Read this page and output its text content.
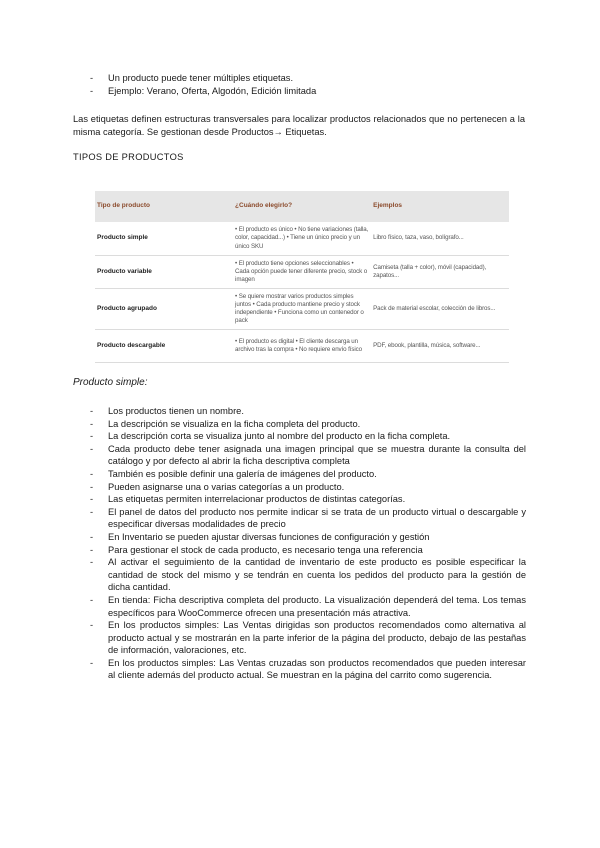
- Un producto puede tener múltiples etiquetas.
- Ejemplo: Verano, Oferta, Algodón, Edición limitada

Las etiquetas definen estructuras transversales para localizar productos relacionados que no pertenecen a la misma categoría. Se gestionan desde Productos→ Etiquetas.

TIPOS DE PRODUCTOS

Tipo de producto	¿Cuándo elegirlo?	Ejemplos
Producto simple	• El producto es único • No tiene variaciones (talla, color, capacidad...) • Tiene un único precio y un único SKU	Libro físico, taza, vaso, bolígrafo...
Producto variable	• El producto tiene opciones seleccionables • Cada opción puede tener diferente precio, stock o imagen	Camiseta (talla + color), móvil (capacidad), zapatos...
Producto agrupado	• Se quiere mostrar varios productos simples juntos • Cada producto mantiene precio y stock independiente • Funciona como un contenedor o pack	Pack de material escolar, colección de libros...
Producto descargable	• El producto es digital • El cliente descarga un archivo tras la compra • No requiere envío físico	PDF, ebook, plantilla, música, software...

Producto simple:

- Los productos tienen un nombre.
- La descripción se visualiza en la ficha completa del producto.
- La descripción corta se visualiza junto al nombre del producto en la ficha completa.
- Cada producto debe tener asignada una imagen principal que se muestra durante la consulta del catálogo y por defecto al abrir la ficha descriptiva completa
- También es posible definir una galería de imágenes del producto.
- Pueden asignarse una o varias categorías a un producto.
- Las etiquetas permiten interrelacionar productos de distintas categorías.
- El panel de datos del producto nos permite indicar si se trata de un producto virtual o descargable y especificar diversas modalidades de precio
- En Inventario se pueden ajustar diversas funciones de configuración y gestión
- Para gestionar el stock de cada producto, es necesario tenga una referencia
- Al activar el seguimiento de la cantidad de inventario de este producto es posible especificar la cantidad de stock del mismo y se tendrán en cuenta los pedidos del producto para la gestión de dicha cantidad.
- En tienda: Ficha descriptiva completa del producto. La visualización dependerá del tema. Los temas específicos para WooCommerce ofrecen una presentación más atractiva.
- En los productos simples: Las Ventas dirigidas son productos recomendados como alternativa al producto actual y se mostrarán en la parte inferior de la página del producto, debajo de las pestañas de información, valoraciones, etc.
- En los productos simples: Las Ventas cruzadas son productos recomendados que pueden interesar al cliente además del producto actual. Se muestran en la página del carrito como sugerencia.
